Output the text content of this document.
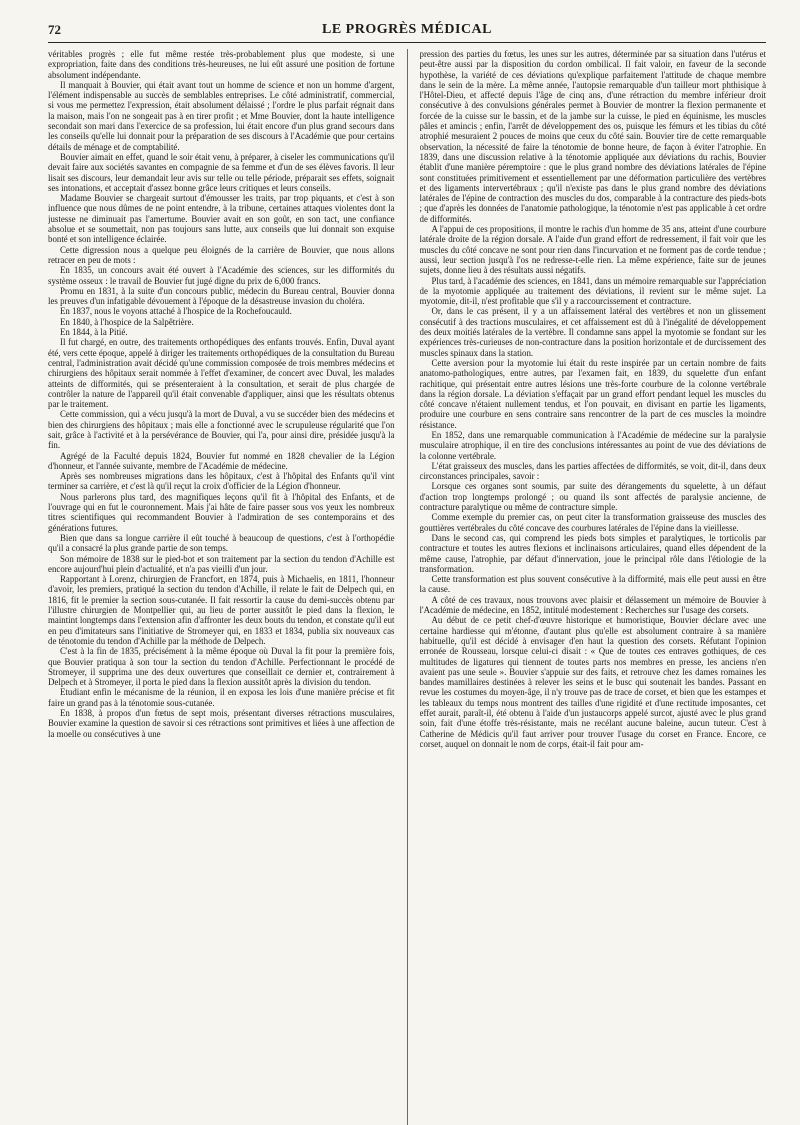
72	LE PROGRÈS MÉDICAL

véritables progrès ; elle fut même restée très-probablement plus que modeste, si une expropriation, faite dans des conditions très-heureuses, ne lui eût assuré une position de fortune absolument indépendante.

Il manquait à Bouvier, qui était avant tout un homme de science et non un homme d'argent, l'élément indispensable au succès de semblables entreprises. Le côté administratif, commercial, si vous me permettez l'expression, était absolument délaissé ; l'ordre le plus parfait régnait dans la maison, mais l'on ne songeait pas à en tirer profit ; et Mme Bouvier, dont la haute intelligence secondait son mari dans l'exercice de sa profession, lui était encore d'un plus grand secours dans les conseils qu'elle lui donnait pour la préparation de ses discours à l'Académie que pour certains détails de ménage et de comptabilité.

Bouvier aimait en effet, quand le soir était venu, à préparer, à ciseler les communications qu'il devait faire aux sociétés savantes en compagnie de sa femme et d'un de ses élèves favoris. Il leur lisait ses discours, leur demandait leur avis sur telle ou telle période, préparait ses effets, soignait ses intonations, et acceptait d'assez bonne grâce leurs critiques et leurs conseils.

Madame Bouvier se chargeait surtout d'émousser les traits, par trop piquants, et c'est à son influence que nous dûmes de ne point entendre, à la tribune, certaines attaques violentes dont la justesse ne diminuait pas l'amertume. Bouvier avait en son goût, en son tact, une confiance absolue et se soumettait, non pas toujours sans lutte, aux conseils que lui donnait son exquise bonté et son intelligence éclairée.

Cette digression nous a quelque peu éloignés de la carrière de Bouvier, que nous allons retracer en peu de mots :

En 1835, un concours avait été ouvert à l'Académie des sciences, sur les difformités du système osseux : le travail de Bouvier fut jugé digne du prix de 6,000 francs.

Promu en 1831, à la suite d'un concours public, médecin du Bureau central, Bouvier donna les preuves d'un infatigable dévouement à l'époque de la désastreuse invasion du choléra.

En 1837, nous le voyons attaché à l'hospice de la Rochefoucauld.

En 1840, à l'hospice de la Salpêtrière.

En 1844, à la Pitié.

Il fut chargé, en outre, des traitements orthopédiques des enfants trouvés. Enfin, Duval ayant été, vers cette époque, appelé à diriger les traitements orthopédiques de la consultation du Bureau central, l'administration avait décidé qu'une commission composée de trois membres médecins et chirurgiens des hôpitaux serait nommée à l'effet d'examiner, de concert avec Duval, les malades atteints de difformités, qui se présenteraient à la consultation, et serait de plus chargée de contrôler la nature de l'appareil qu'il était convenable d'appliquer, ainsi que les résultats obtenus par le traitement.

Cette commission, qui a vécu jusqu'à la mort de Duval, a vu se succéder bien des médecins et bien des chirurgiens des hôpitaux ; mais elle a fonctionné avec le scrupuleuse régularité que l'on sait, grâce à l'activité et à la persévérance de Bouvier, qui l'a, pour ainsi dire, présidée jusqu'à la fin.

Agrégé de la Faculté depuis 1824, Bouvier fut nommé en 1828 chevalier de la Légion d'honneur, et l'année suivante, membre de l'Académie de médecine.

Après ses nombreuses migrations dans les hôpitaux, c'est à l'hôpital des Enfants qu'il vint terminer sa carrière, et c'est là qu'il reçut la croix d'officier de la Légion d'honneur.

Nous parlerons plus tard, des magnifiques leçons qu'il fit à l'hôpital des Enfants, et de l'ouvrage qui en fut le couronnement. Mais j'ai hâte de faire passer sous vos yeux les nombreux titres scientifiques qui recommandent Bouvier à l'admiration de ses contemporains et des générations futures.

Bien que dans sa longue carrière il eût touché à beaucoup de questions, c'est à l'orthopédie qu'il a consacré la plus grande partie de son temps.

Son mémoire de 1838 sur le pied-bot et son traitement par la section du tendon d'Achille est encore aujourd'hui plein d'actualité, et n'a pas vieilli d'un jour.

Rapportant à Lorenz, chirurgien de Francfort, en 1874, puis à Michaelis, en 1811, l'honneur d'avoir, les premiers, pratiqué la section du tendon d'Achille, il relate le fait de Delpech qui, en 1816, fit le premier la section sous-cutanée. Il fait ressortir la cause du demi-succès obtenu par l'illustre chirurgien de Montpellier qui, au lieu de porter aussitôt le pied dans la flexion, le maintint longtemps dans l'extension afin d'affronter les deux bouts du tendon, et constate qu'il eut en peu d'imitateurs sans l'initiative de Stromeyer qui, en 1833 et 1834, publia six nouveaux cas de ténotomie du tendon d'Achille par la méthode de Delpech.

C'est à la fin de 1835, précisément à la même époque où Duval la fit pour la première fois, que Bouvier pratiqua à son tour la section du tendon d'Achille. Perfectionnant le procédé de Stromeyer, il supprima une des deux ouvertures que conseillait ce dernier et, contrairement à Delpech et à Stromeyer, il porta le pied dans la flexion aussitôt après la division du tendon.

Etudiant enfin le mécanisme de la réunion, il en exposa les lois d'une manière précise et fit faire un grand pas à la ténotomie sous-cutanée.

En 1838, à propos d'un fœtus de sept mois, présentant diverses rétractions musculaires, Bouvier examine la question de savoir si ces rétractions sont primitives et liées à une affection de la moelle ou consécutives à une

pression des parties du fœtus, les unes sur les autres, déterminée par sa situation dans l'utérus et peut-être aussi par la disposition du cordon ombilical. Il fait valoir, en faveur de la seconde hypothèse, la variété de ces déviations qu'explique parfaitement l'attitude de chaque membre dans le sein de la mère. La même année, l'autopsie remarquable d'un tailleur mort phthisique à l'Hôtel-Dieu, et affecté depuis l'âge de cinq ans, d'une rétraction du membre inférieur droit consécutive à des convulsions générales permet à Bouvier de montrer la flexion permanente et forcée de la cuisse sur le bassin, et de la jambe sur la cuisse, le pied en équinisme, les muscles pâles et amincis ; enfin, l'arrêt de développement des os, puisque les fémurs et les tibias du côté atrophié mesuraient 2 pouces de moins que ceux du côté sain. Bouvier tire de cette remarquable observation, la nécessité de faire la ténotomie de bonne heure, de façon à éviter l'atrophie. En 1839, dans une discussion relative à la ténotomie appliquée aux déviations du rachis, Bouvier établit d'une manière péremptoire : que le plus grand nombre des déviations latérales de l'épine sont constituées primitivement et essentiellement par une déformation particulière des vertèbres et des ligaments intervertébraux ; qu'il n'existe pas dans le plus grand nombre des déviations latérales de l'épine de contraction des muscles du dos, comparable à la contracture des pieds-bots ; que d'après les données de l'anatomie pathologique, la ténotomie n'est pas applicable à cet ordre de difformités.

A l'appui de ces propositions, il montre le rachis d'un homme de 35 ans, atteint d'une courbure latérale droite de la région dorsale. A l'aide d'un grand effort de redressement, il fait voir que les muscles du côté concave ne sont pour rien dans l'incurvation et ne forment pas de corde tendue ; aussi, leur section jusqu'à l'os ne redresse-t-elle rien. La même expérience, faite sur de jeunes sujets, donne lieu à des résultats aussi négatifs.

Plus tard, à l'académie des sciences, en 1841, dans un mémoire remarquable sur l'appréciation de la myotomie appliquée au traitement des déviations, il revient sur le même sujet. La myotomie, dit-il, n'est profitable que s'il y a raccourcissement et contracture.

Or, dans le cas présent, il y a un affaissement latéral des vertèbres et non un glissement consécutif à des tractions musculaires, et cet affaissement est dû à l'inégalité de développement des deux moitiés latérales de la vertèbre. Il condamne sans appel la myotomie se fondant sur les expériences très-curieuses de non-contracture dans la position horizontale et de durcissement des muscles spinaux dans la station.

Cette aversion pour la myotomie lui était du reste inspirée par un certain nombre de faits anatomo-pathologiques, entre autres, par l'examen fait, en 1839, du squelette d'un enfant rachitique, qui présentait entre autres lésions une très-forte courbure de la colonne vertébrale dans la région dorsale. La déviation s'effaçait par un grand effort pendant lequel les muscles du côté concave n'étaient nullement tendus, et l'on pouvait, en divisant en partie les ligaments, produire une courbure en sens contraire sans rencontrer de la part de ces muscles la moindre résistance.

En 1852, dans une remarquable communication à l'Académie de médecine sur la paralysie musculaire atrophique, il en tire des conclusions intéressantes au point de vue des déviations de la colonne vertébrale.

L'état graisseux des muscles, dans les parties affectées de difformités, se voit, dit-il, dans deux circonstances principales, savoir :

Lorsque ces organes sont soumis, par suite des dérangements du squelette, à un défaut d'action trop longtemps prolongé ; ou quand ils sont affectés de paralysie ancienne, de contracture paralytique ou même de contracture simple.

Comme exemple du premier cas, on peut citer la transformation graisseuse des muscles des gouttières vertébrales du côté concave des courbures latérales de l'épine dans la vieillesse.

Dans le second cas, qui comprend les pieds bots simples et paralytiques, le torticolis par contracture et toutes les autres flexions et inclinaisons articulaires, quand elles dépendent de la même cause, l'atrophie, par défaut d'innervation, joue le principal rôle dans l'étiologie de la transformation.

Cette transformation est plus souvent consécutive à la difformité, mais elle peut aussi en être la cause.

A côté de ces travaux, nous trouvons avec plaisir et délassement un mémoire de Bouvier à l'Académie de médecine, en 1852, intitulé modestement : Recherches sur l'usage des corsets.

Au début de ce petit chef-d'œuvre historique et humoristique, Bouvier déclare avec une certaine hardiesse qui m'étonne, d'autant plus qu'elle est absolument contraire à sa manière habituelle, qu'il est décidé à envisager d'en haut la question des corsets. Réfutant l'opinion erronée de Rousseau, lorsque celui-ci disait : « Que de toutes ces entraves gothiques, de ces multitudes de ligatures qui tiennent de toutes parts nos membres en presse, les anciens n'en avaient pas une seule ». Bouvier s'appuie sur des faits, et retrouve chez les dames romaines les bandes mamillaires destinées à relever les seins et le busc qui soutenait les bandes. Passant en revue les costumes du moyen-âge, il n'y trouve pas de trace de corset, et bien que les estampes et les tableaux du temps nous montrent des tailles d'une rigidité et d'une rectitude imposantes, cet effet aurait, paraît-il, été obtenu à l'aide d'un justaucorps appelé surcot, ajusté avec le plus grand soin, fait d'une étoffe très-résistante, mais ne recélant aucune baleine, aucun tuteur. C'est à Catherine de Médicis qu'il faut arriver pour trouver l'usage du corset en France. Encore, ce corset, auquel on donnait le nom de corps, était-il fait pour am-
